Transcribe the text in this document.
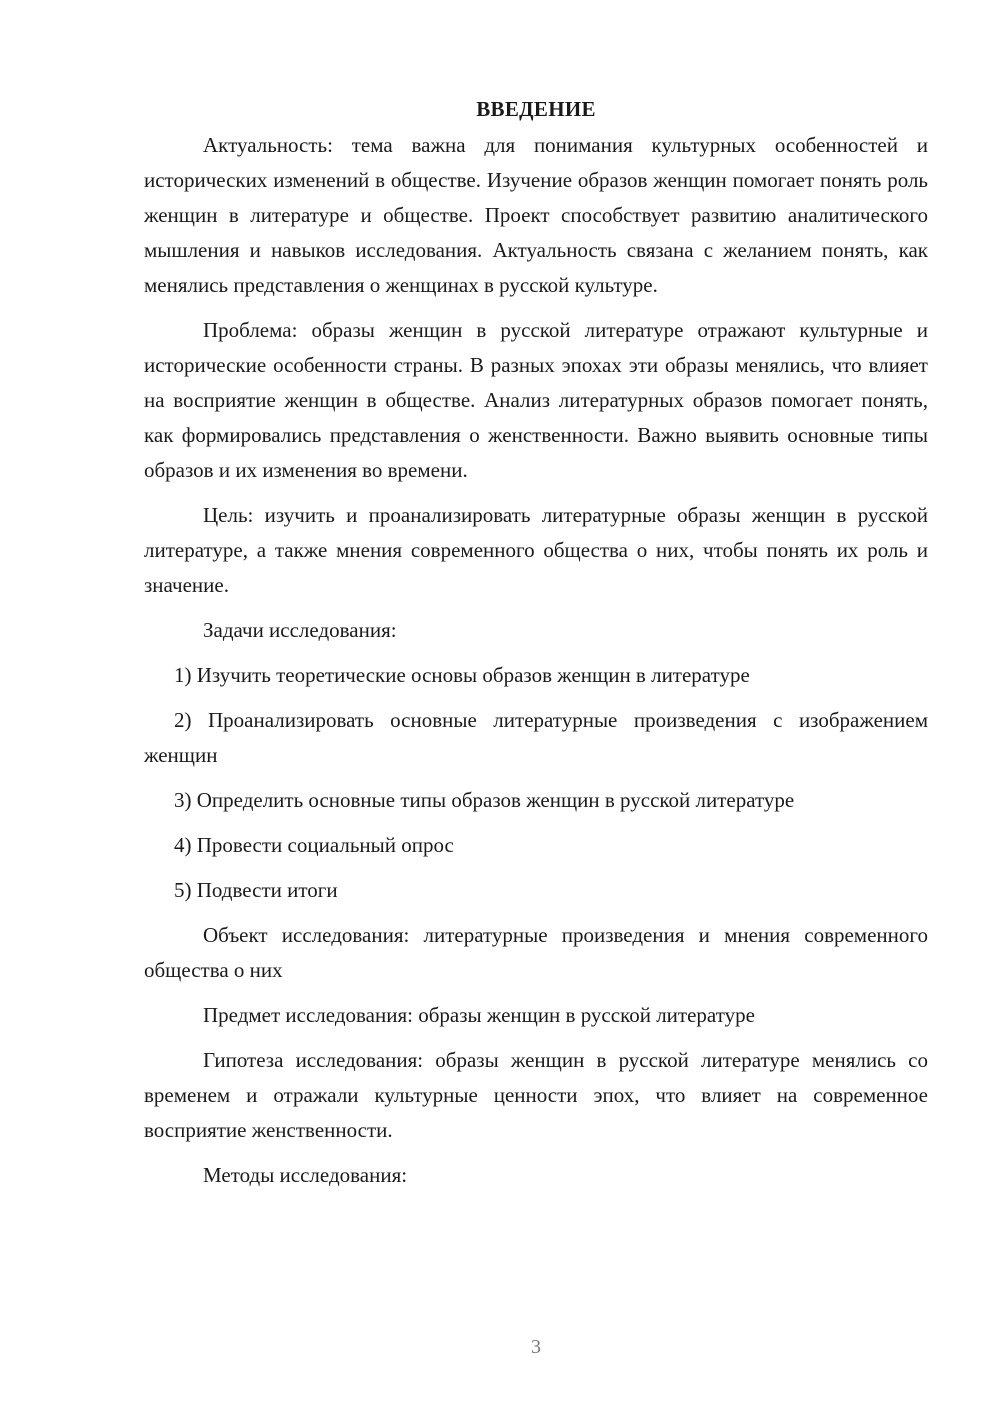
ВВЕДЕНИЕ

Актуальность: тема важна для понимания культурных особенностей и исторических изменений в обществе. Изучение образов женщин помогает понять роль женщин в литературе и обществе. Проект способствует развитию аналитического мышления и навыков исследования. Актуальность связана с желанием понять, как менялись представления о женщинах в русской культуре.

Проблема: образы женщин в русской литературе отражают культурные и исторические особенности страны. В разных эпохах эти образы менялись, что влияет на восприятие женщин в обществе. Анализ литературных образов помогает понять, как формировались представления о женственности. Важно выявить основные типы образов и их изменения во времени.

Цель: изучить и проанализировать литературные образы женщин в русской литературе, а также мнения современного общества о них, чтобы понять их роль и значение.

Задачи исследования:

1) Изучить теоретические основы образов женщин в литературе

2) Проанализировать основные литературные произведения с изображением женщин

3) Определить основные типы образов женщин в русской литературе

4) Провести социальный опрос

5) Подвести итоги

Объект исследования: литературные произведения и мнения современного общества о них

Предмет исследования: образы женщин в русской литературе

Гипотеза исследования: образы женщин в русской литературе менялись со временем и отражали культурные ценности эпох, что влияет на современное восприятие женственности.

Методы исследования:

3
